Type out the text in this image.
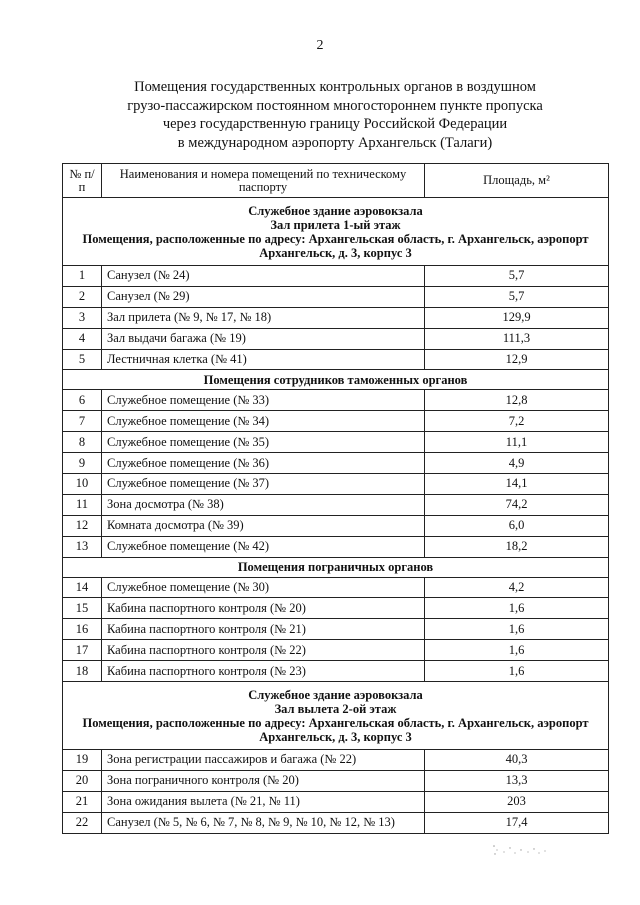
2
Помещения государственных контрольных органов в воздушном
грузо-пассажирском постоянном многостороннем пункте пропуска
через государственную границу Российской Федерации
в международном аэропорту Архангельск (Талаги)
№ п/п	Наименования и номера помещений по техническому паспорту	Площадь, м²

Служебное здание аэровокзала
Зал прилета 1-ый этаж
Помещения, расположенные по адресу: Архангельская область, г. Архангельск, аэропорт
Архангельск, д. 3, корпус 3		

1	Санузел (№ 24)	5,7
2	Санузел (№ 29)	5,7
3	Зал прилета (№ 9, № 17, № 18)	129,9
4	Зал выдачи багажа (№ 19)	111,3
5	Лестничная клетка (№ 41)	12,9

Помещения сотрудников таможенных органов		

6	Служебное помещение (№ 33)	12,8
7	Служебное помещение (№ 34)	7,2
8	Служебное помещение (№ 35)	11,1
9	Служебное помещение (№ 36)	4,9
10	Служебное помещение (№ 37)	14,1
11	Зона досмотра (№ 38)	74,2
12	Комната досмотра (№ 39)	6,0
13	Служебное помещение (№ 42)	18,2

Помещения пограничных органов		

14	Служебное помещение (№ 30)	4,2
15	Кабина паспортного контроля (№ 20)	1,6
16	Кабина паспортного контроля (№ 21)	1,6
17	Кабина паспортного контроля (№ 22)	1,6
18	Кабина паспортного контроля (№ 23)	1,6

Служебное здание аэровокзала
Зал вылета 2-ой этаж
Помещения, расположенные по адресу: Архангельская область, г. Архангельск, аэропорт
Архангельск, д. 3, корпус 3		

19	Зона регистрации пассажиров и багажа (№ 22)	40,3
20	Зона пограничного контроля (№ 20)	13,3
21	Зона ожидания вылета (№ 21, № 11)	203
22	Санузел (№ 5, № 6, № 7, № 8, № 9, № 10, № 12, № 13)	17,4
